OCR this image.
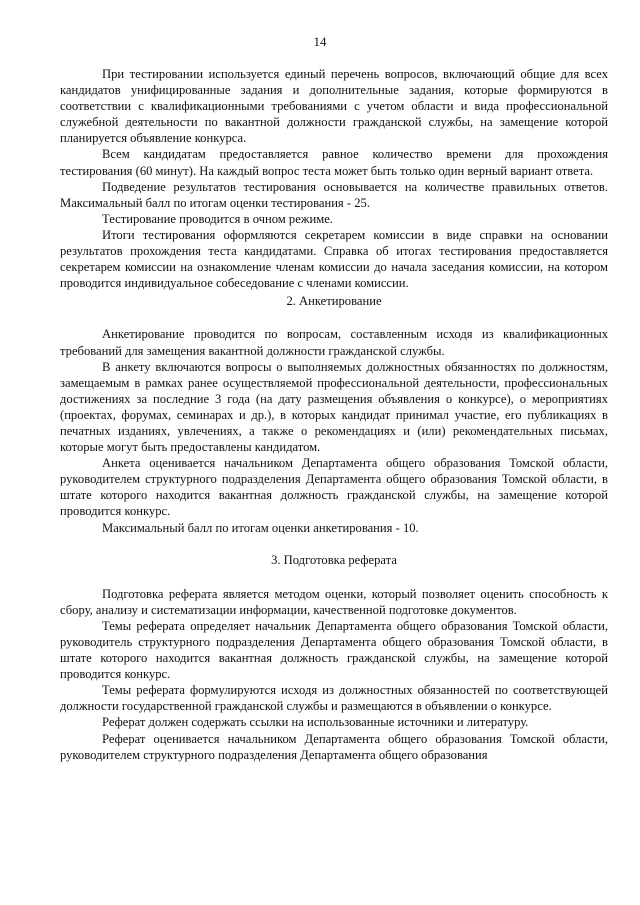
14

При тестировании используется единый перечень вопросов, включающий общие для всех кандидатов унифицированные задания и дополнительные задания, которые формируются в соответствии с квалификационными требованиями с учетом области и вида профессиональной служебной деятельности по вакантной должности гражданской службы, на замещение которой планируется объявление конкурса.

Всем кандидатам предоставляется равное количество времени для прохождения тестирования (60 минут). На каждый вопрос теста может быть только один верный вариант ответа.

Подведение результатов тестирования основывается на количестве правильных ответов. Максимальный балл по итогам оценки тестирования - 25.

Тестирование проводится в очном режиме.

Итоги тестирования оформляются секретарем комиссии в виде справки на основании результатов прохождения теста кандидатами. Справка об итогах тестирования предоставляется секретарем комиссии на ознакомление членам комиссии до начала заседания комиссии, на котором проводится индивидуальное собеседование с членами комиссии.

2. Анкетирование

Анкетирование проводится по вопросам, составленным исходя из квалификационных требований для замещения вакантной должности гражданской службы.

В анкету включаются вопросы о выполняемых должностных обязанностях по должностям, замещаемым в рамках ранее осуществляемой профессиональной деятельности, профессиональных достижениях за последние 3 года (на дату размещения объявления о конкурсе), о мероприятиях (проектах, форумах, семинарах и др.), в которых кандидат принимал участие, его публикациях в печатных изданиях, увлечениях, а также о рекомендациях и (или) рекомендательных письмах, которые могут быть предоставлены кандидатом.

Анкета оценивается начальником Департамента общего образования Томской области, руководителем структурного подразделения Департамента общего образования Томской области, в штате которого находится вакантная должность гражданской службы, на замещение которой проводится конкурс.

Максимальный балл по итогам оценки анкетирования - 10.

3. Подготовка реферата

Подготовка реферата является методом оценки, который позволяет оценить способность к сбору, анализу и систематизации информации, качественной подготовке документов.

Темы реферата определяет начальник Департамента общего образования Томской области, руководитель структурного подразделения Департамента общего образования Томской области, в штате которого находится вакантная должность гражданской службы, на замещение которой проводится конкурс.

Темы реферата формулируются исходя из должностных обязанностей по соответствующей должности государственной гражданской службы и размещаются в объявлении о конкурсе.

Реферат должен содержать ссылки на использованные источники и литературу.

Реферат оценивается начальником Департамента общего образования Томской области, руководителем структурного подразделения Департамента общего образования
